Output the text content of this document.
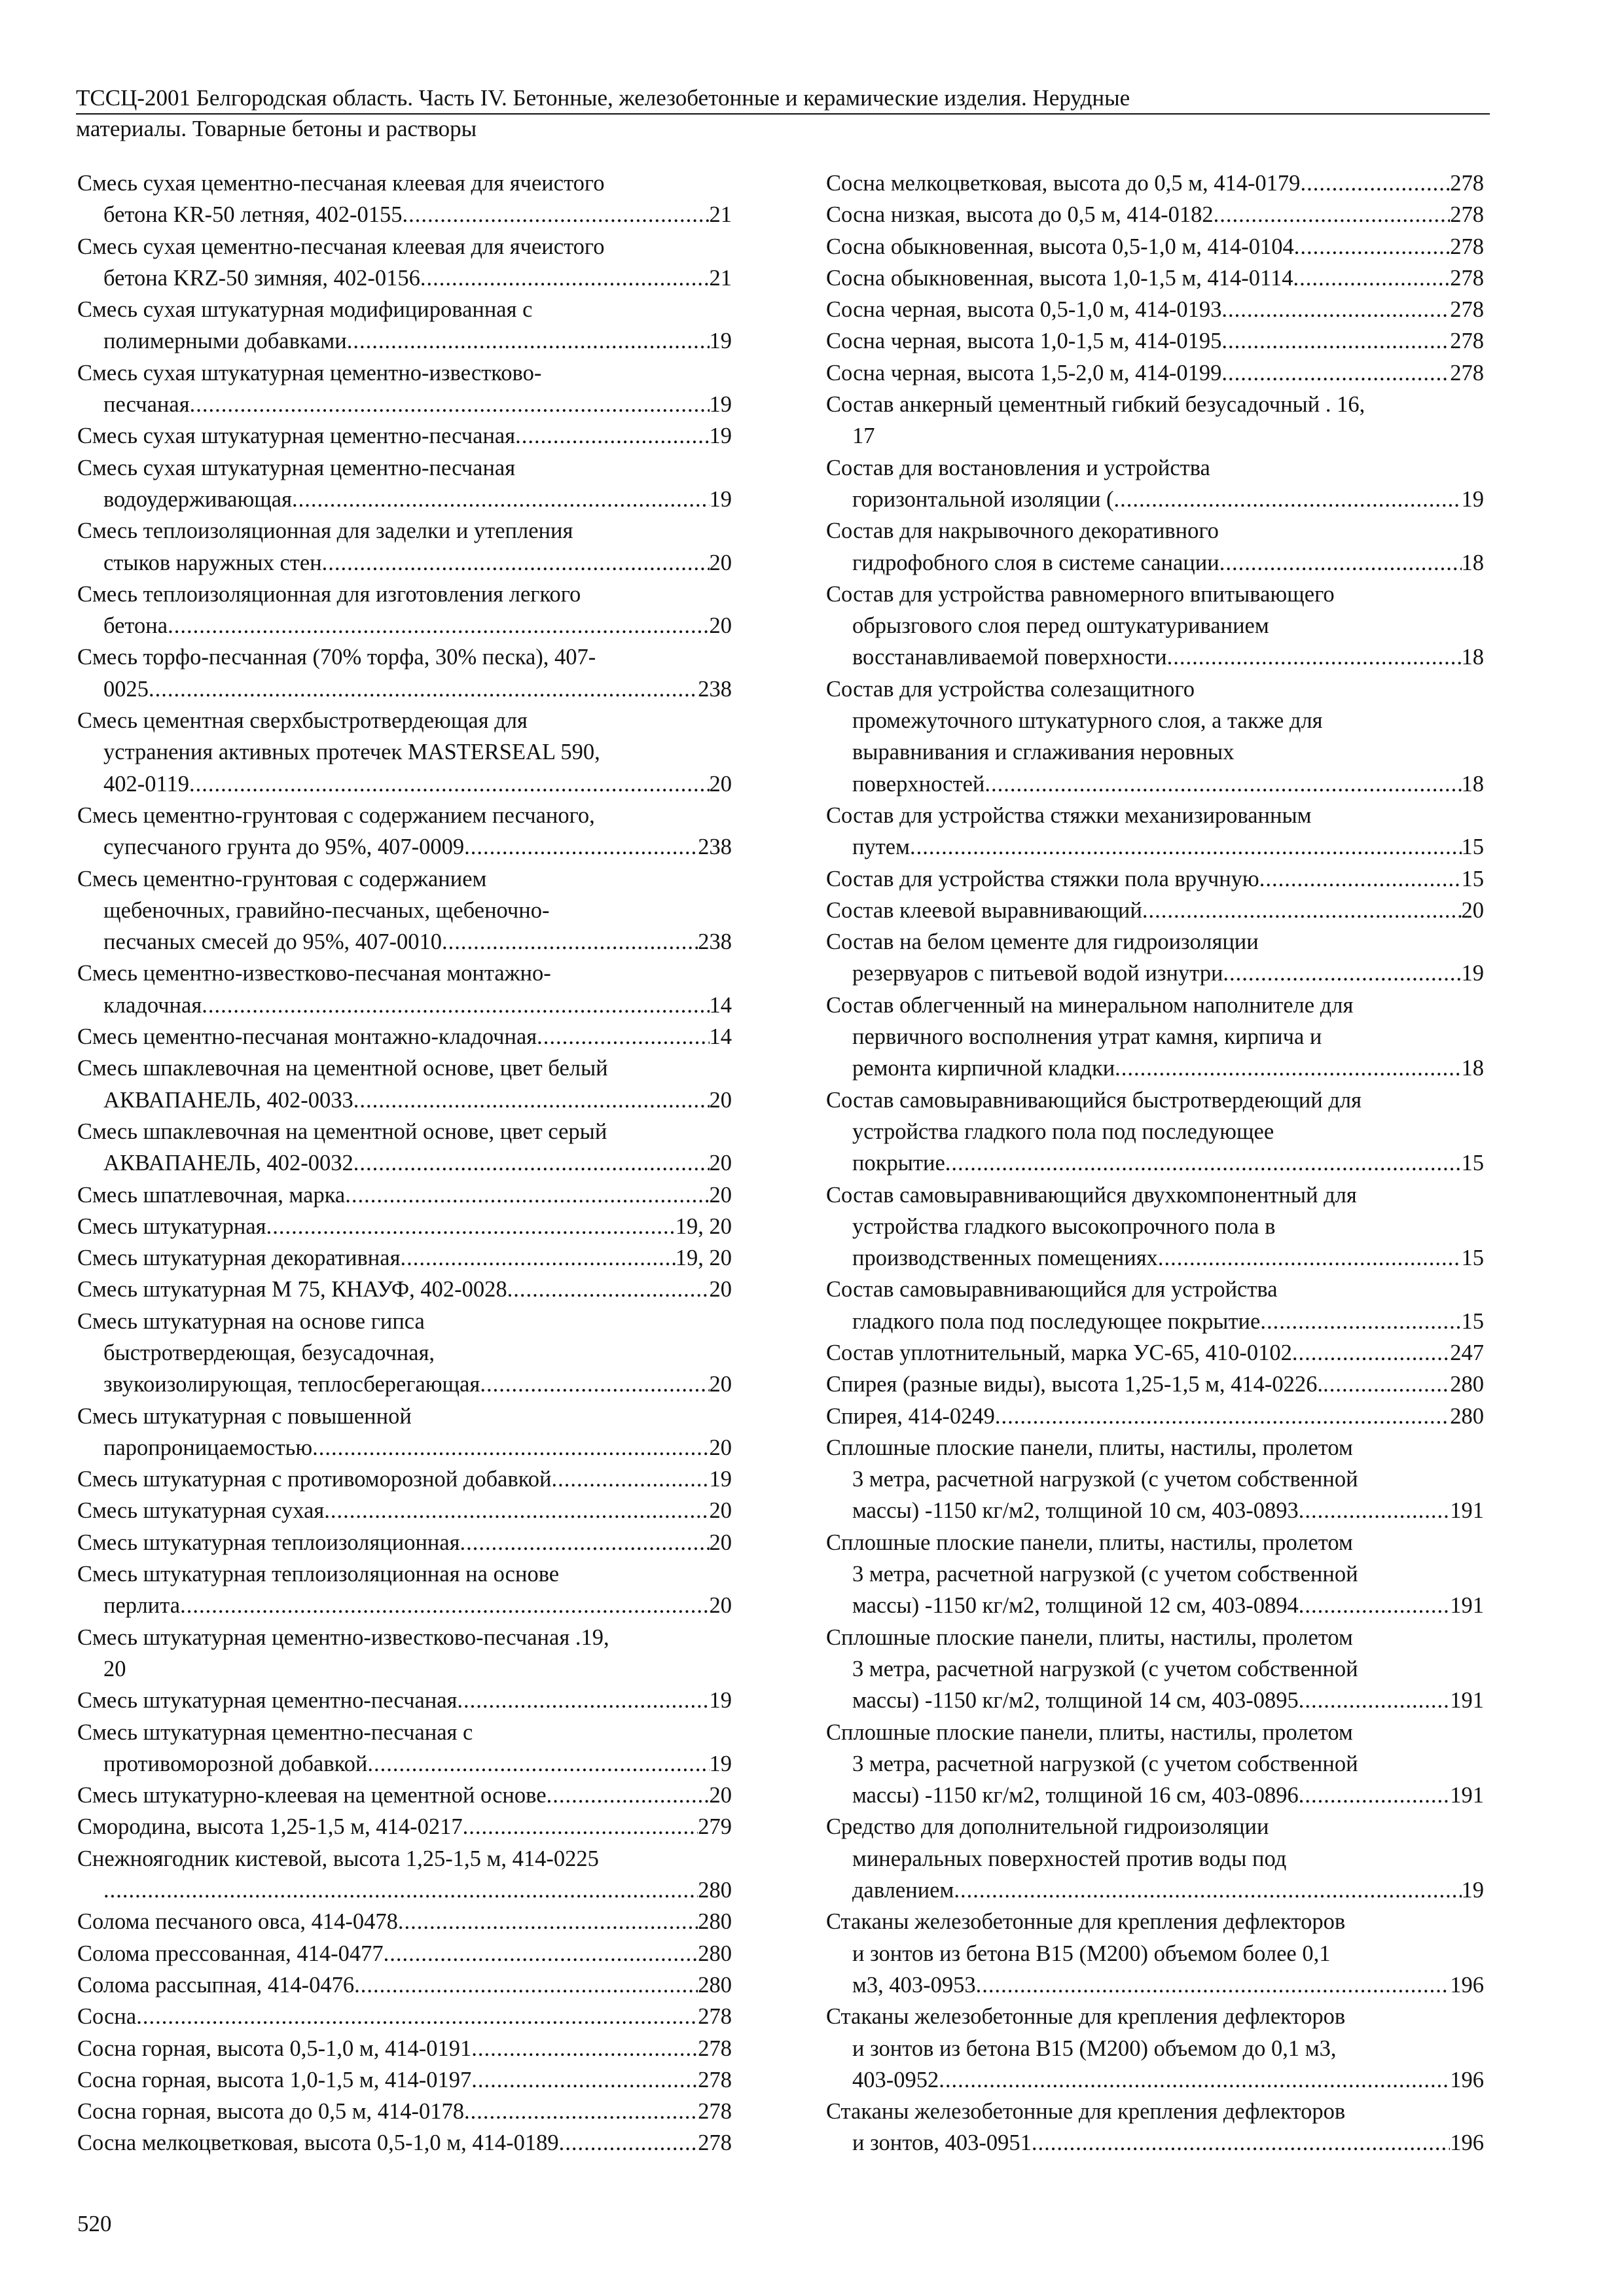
ТССЦ-2001 Белгородская область. Часть IV. Бетонные, железобетонные и керамические изделия. Нерудные
материалы. Товарные бетоны и растворы
Смесь сухая цементно-песчаная клеевая для ячеистого
бетона KR-50 летняя, 402-0155 .....	21
Смесь сухая цементно-песчаная клеевая для ячеистого
бетона KRZ-50 зимняя, 402-0156 .....	21
Смесь сухая штукатурная модифицированная с
полимерными добавками .....	19
Смесь сухая штукатурная цементно-известково-
песчаная .....	19
Смесь сухая штукатурная цементно-песчаная .....	19
Смесь сухая штукатурная цементно-песчаная
водоудерживающая .....	19
Смесь теплоизоляционная для заделки и утепления
стыков наружных стен .....	20
Смесь теплоизоляционная для изготовления легкого
бетона .....	20
Смесь торфо-песчанная (70% торфа, 30% песка), 407-
0025 .....	238
Смесь цементная сверхбыстротвердеющая для
устранения активных протечек MASTERSEAL 590,
402-0119 .....	20
Смесь цементно-грунтовая с содержанием песчаного,
супесчаного грунта до 95%, 407-0009 .....	238
Смесь цементно-грунтовая с содержанием
щебеночных, гравийно-песчаных, щебеночно-
песчаных смесей до 95%, 407-0010 .....	238
Смесь цементно-известково-песчаная монтажно-
кладочная .....	14
Смесь цементно-песчаная монтажно-кладочная .....	14
Смесь шпаклевочная на цементной основе, цвет белый
АКВАПАНЕЛЬ, 402-0033 .....	20
Смесь шпаклевочная на цементной основе, цвет серый
АКВАПАНЕЛЬ, 402-0032 .....	20
Смесь шпатлевочная, марка .....	20
Смесь штукатурная .....	19, 20
Смесь штукатурная декоративная .....	19, 20
Смесь штукатурная М 75, КНАУФ, 402-0028 .....	20
Смесь штукатурная на основе гипса
быстротвердеющая, безусадочная,
звукоизолирующая, теплосберегающая .....	20
Смесь штукатурная с повышенной
паропроницаемостью .....	20
Смесь штукатурная с противоморозной добавкой .....	19
Смесь штукатурная сухая .....	20
Смесь штукатурная теплоизоляционная .....	20
Смесь штукатурная теплоизоляционная на основе
перлита .....	20
Смесь штукатурная цементно-известково-песчаная .19,
20
Смесь штукатурная цементно-песчаная .....	19
Смесь штукатурная цементно-песчаная с
противоморозной добавкой .....	19
Смесь штукатурно-клеевая на цементной основе .....	20
Смородина, высота 1,25-1,5 м, 414-0217 .....	279
Снежноягодник кистевой, высота 1,25-1,5 м, 414-0225
.....
280
Солома песчаного овса, 414-0478 .....	280
Солома прессованная, 414-0477 .....	280
Солома рассыпная, 414-0476 .....	280
Сосна .....	278
Сосна горная, высота 0,5-1,0 м, 414-0191 .....	278
Сосна горная, высота 1,0-1,5 м, 414-0197 .....	278
Сосна горная, высота до 0,5 м, 414-0178 .....	278
Сосна мелкоцветковая, высота 0,5-1,0 м, 414-0189 .....	278
Сосна мелкоцветковая, высота до 0,5 м, 414-0179 .....	278
Сосна низкая, высота до 0,5 м, 414-0182 .....	278
Сосна обыкновенная, высота 0,5-1,0 м, 414-0104 .....	278
Сосна обыкновенная, высота 1,0-1,5 м, 414-0114 .....	278
Сосна черная, высота 0,5-1,0 м, 414-0193 .....	278
Сосна черная, высота 1,0-1,5 м, 414-0195 .....	278
Сосна черная, высота 1,5-2,0 м, 414-0199 .....	278
Состав анкерный цементный гибкий безусадочный . 16,
17
Состав для востановления и устройства
горизонтальной изоляции ( .....	19
Состав для накрывочного декоративного
гидрофобного слоя в системе санации .....	18
Состав для устройства равномерного впитывающего
обрызгового слоя перед оштукатуриванием
восстанавливаемой поверхности .....	18
Состав для устройства солезащитного
промежуточного штукатурного слоя, а также для
выравнивания и сглаживания неровных
поверхностей .....	18
Состав для устройства стяжки механизированным
путем .....	15
Состав для устройства стяжки пола вручную .....	15
Состав клеевой выравнивающий .....	20
Состав на белом цементе для гидроизоляции
резервуаров с питьевой водой изнутри .....	19
Состав облегченный на минеральном наполнителе для
первичного восполнения утрат камня, кирпича и
ремонта кирпичной кладки .....	18
Состав самовыравнивающийся быстротвердеющий для
устройства гладкого пола под последующее
покрытие .....	15
Состав самовыравнивающийся двухкомпонентный для
устройства гладкого высокопрочного пола в
производственных помещениях .....	15
Состав самовыравнивающийся для устройства
гладкого пола под последующее покрытие .....	15
Состав уплотнительный, марка УС-65, 410-0102 .....	247
Спирея (разные виды), высота 1,25-1,5 м, 414-0226. .....	280
Спирея, 414-0249 .....	280
Сплошные плоские панели, плиты, настилы, пролетом
3 метра, расчетной нагрузкой (с учетом собственной
массы) -1150 кг/м2, толщиной 10 см, 403-0893 .....	191
Сплошные плоские панели, плиты, настилы, пролетом
3 метра, расчетной нагрузкой (с учетом собственной
массы) -1150 кг/м2, толщиной 12 см, 403-0894 .....	191
Сплошные плоские панели, плиты, настилы, пролетом
3 метра, расчетной нагрузкой (с учетом собственной
массы) -1150 кг/м2, толщиной 14 см, 403-0895 .....	191
Сплошные плоские панели, плиты, настилы, пролетом
3 метра, расчетной нагрузкой (с учетом собственной
массы) -1150 кг/м2, толщиной 16 см, 403-0896 .....	191
Средство для дополнительной гидроизоляции
минеральных поверхностей против воды под
давлением .....	19
Стаканы железобетонные для крепления дефлекторов
и зонтов из бетона В15 (М200) объемом более 0,1
м3, 403-0953 .....	196
Стаканы железобетонные для крепления дефлекторов
и зонтов из бетона В15 (М200) объемом до 0,1 м3,
403-0952 .....	196
Стаканы железобетонные для крепления дефлекторов
и зонтов, 403-0951 .....	196
520
